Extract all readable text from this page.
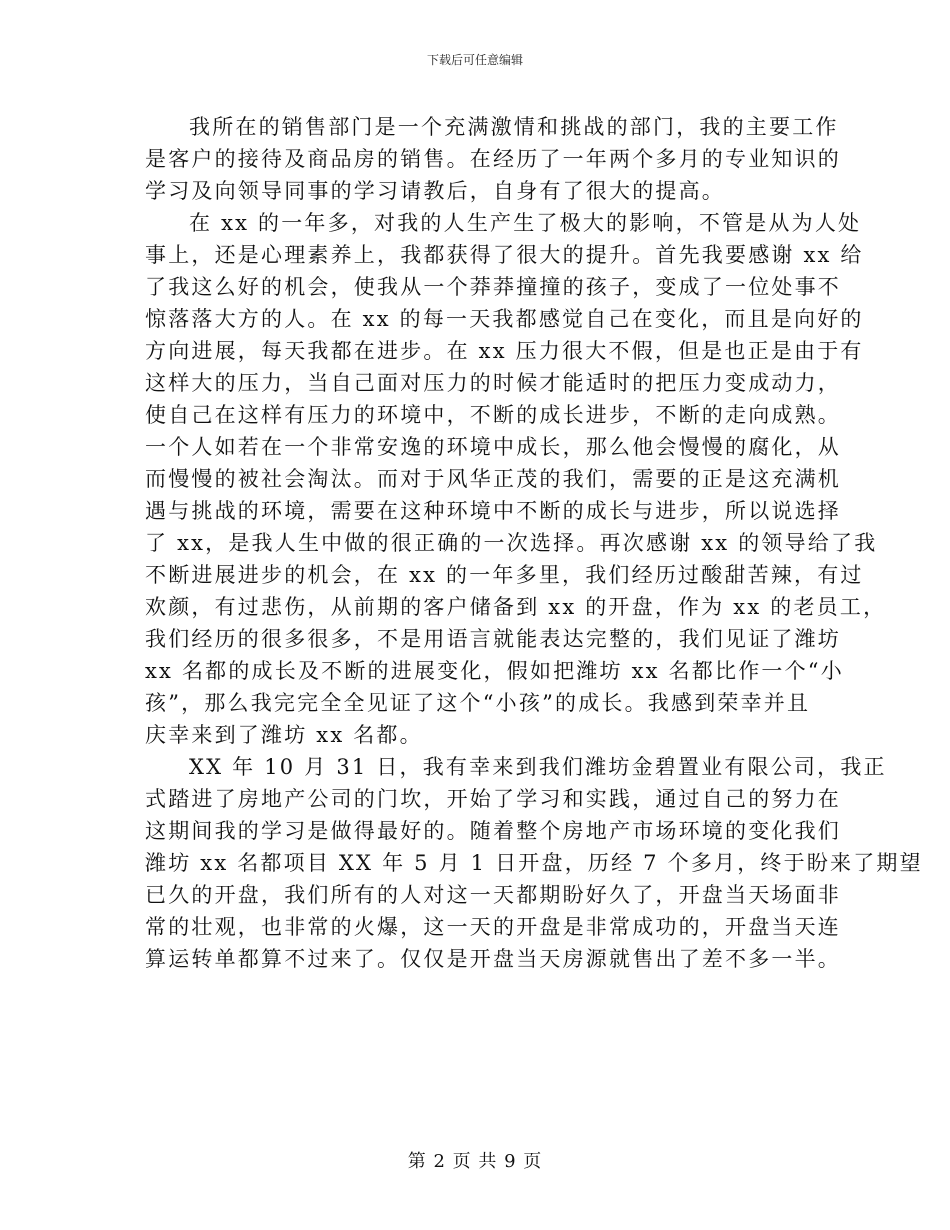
下载后可任意编辑

我所在的销售部门是一个充满激情和挑战的部门，我的主要工作
是客户的接待及商品房的销售。在经历了一年两个多月的专业知识的
学习及向领导同事的学习请教后，自身有了很大的提高。

在 xx 的一年多，对我的人生产生了极大的影响，不管是从为人处
事上，还是心理素养上，我都获得了很大的提升。首先我要感谢 xx 给
了我这么好的机会，使我从一个莽莽撞撞的孩子，变成了一位处事不
惊落落大方的人。在 xx 的每一天我都感觉自己在变化，而且是向好的
方向进展，每天我都在进步。在 xx 压力很大不假，但是也正是由于有
这样大的压力，当自己面对压力的时候才能适时的把压力变成动力，
使自己在这样有压力的环境中，不断的成长进步，不断的走向成熟。
一个人如若在一个非常安逸的环境中成长，那么他会慢慢的腐化，从
而慢慢的被社会淘汰。而对于风华正茂的我们，需要的正是这充满机
遇与挑战的环境，需要在这种环境中不断的成长与进步，所以说选择
了 xx，是我人生中做的很正确的一次选择。再次感谢 xx 的领导给了我
不断进展进步的机会，在 xx 的一年多里，我们经历过酸甜苦辣，有过
欢颜，有过悲伤，从前期的客户储备到 xx 的开盘，作为 xx 的老员工，
我们经历的很多很多，不是用语言就能表达完整的，我们见证了潍坊
xx 名都的成长及不断的进展变化，假如把潍坊 xx 名都比作一个“小
孩”，那么我完完全全见证了这个“小孩”的成长。我感到荣幸并且
庆幸来到了潍坊 xx 名都。

XX 年 10 月 31 日，我有幸来到我们潍坊金碧置业有限公司，我正
式踏进了房地产公司的门坎，开始了学习和实践，通过自己的努力在
这期间我的学习是做得最好的。随着整个房地产市场环境的变化我们
潍坊 xx 名都项目 XX 年 5 月 1 日开盘，历经 7 个多月，终于盼来了期望
已久的开盘，我们所有的人对这一天都期盼好久了，开盘当天场面非
常的壮观，也非常的火爆，这一天的开盘是非常成功的，开盘当天连
算运转单都算不过来了。仅仅是开盘当天房源就售出了差不多一半。

第 2 页 共 9 页
